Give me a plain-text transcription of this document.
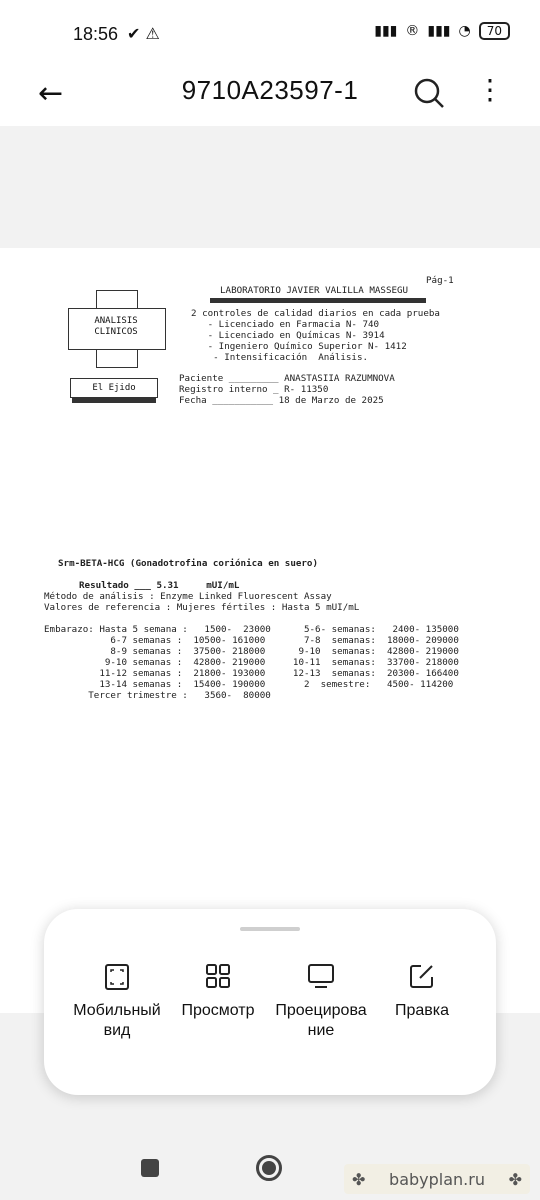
18:56 ✔ ⚠	▮▮▮ ® ▮▮▮ ◔	70
←	9710A23597-1	⋮
Pág-1
ANALISIS
CLINICOS
El Ejido
LABORATORIO JAVIER VALILLA MASSEGU
2 controles de calidad diarios en cada prueba
- Licenciado en Farmacia N- 740
- Licenciado en Químicas N- 3914
- Ingeniero Químico Superior N- 1412
- Intensificación  Análisis.
Paciente _________ ANASTASIIA RAZUMNOVA
Registro interno _ R- 11350
Fecha ___________ 18 de Marzo de 2025
Srm-BETA-HCG (Gonadotrofina coriónica en suero)
Resultado ___ 5.31     mUI/mL
Método de análisis : Enzyme Linked Fluorescent Assay
Valores de referencia : Mujeres fértiles : Hasta 5 mUI/mL
Embarazo: Hasta 5 semana :   1500-  23000      5-6- semanas:   2400- 135000
6-7 semanas :  10500- 161000       7-8  semanas:  18000- 209000
8-9 semanas :  37500- 218000      9-10  semanas:  42800- 219000
9-10 semanas :  42800- 219000     10-11  semanas:  33700- 218000
11-12 semanas :  21800- 193000     12-13  semanas:  20300- 166400
13-14 semanas :  15400- 190000       2  semestre:   4500- 114200
Tercer trimestre :   3560-  80000
Мобильный вид
Просмотр	Проецирова ние
Правка
✤ babyplan.ru ✤
